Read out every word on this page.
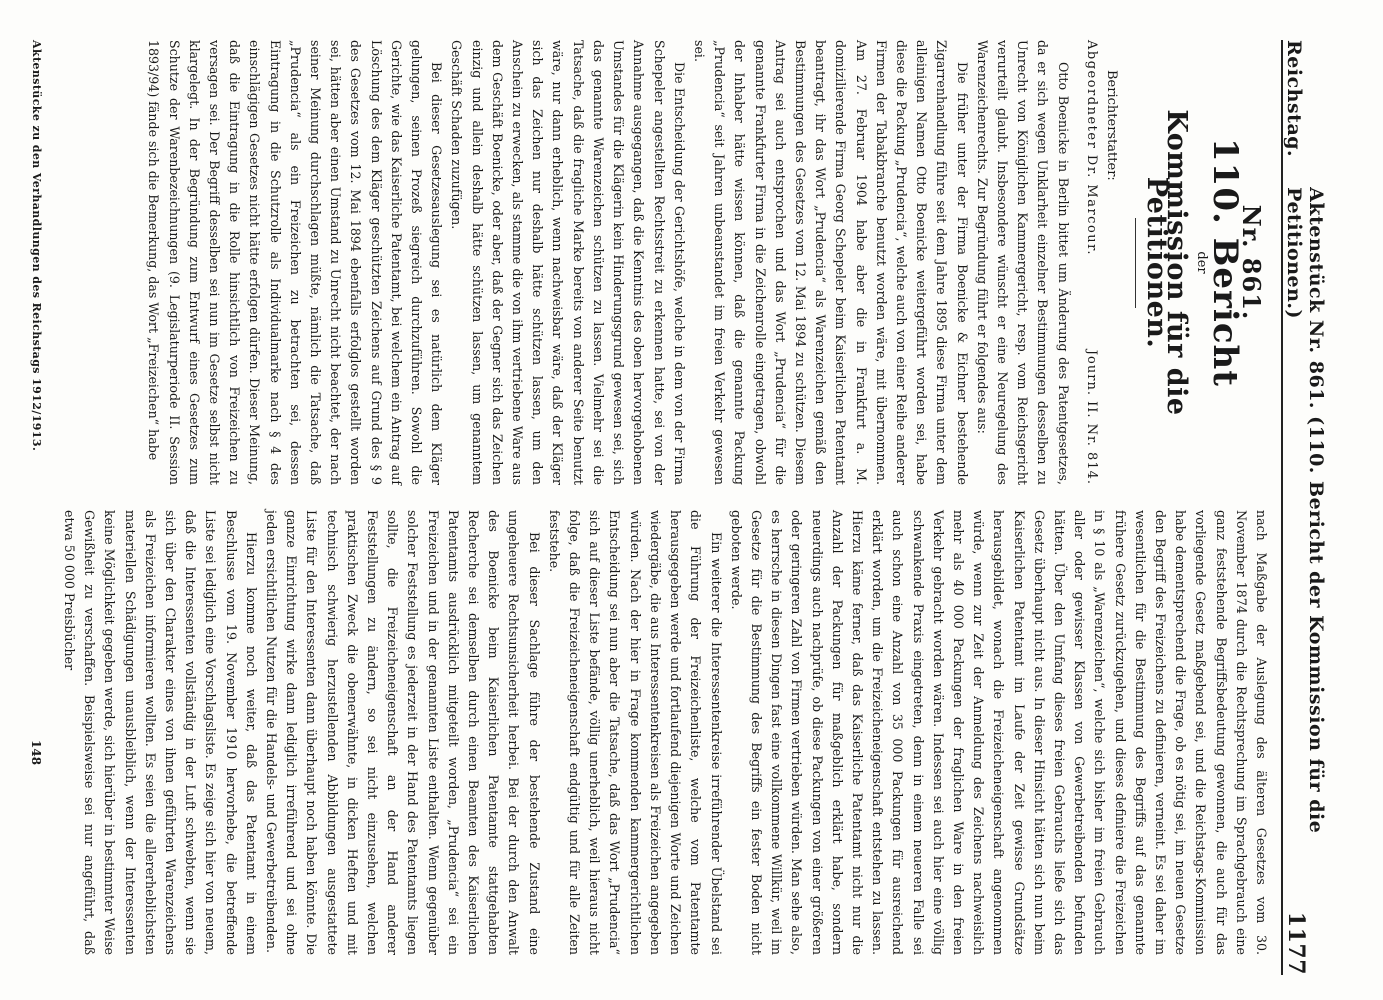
Reichstag.
Aktenstück Nr. 861. (110. Bericht der Kommission für die Petitionen.)
1177
Nr. 861.
110. Bericht
der
Kommission für die Petitionen.
Berichterstatter:
Abgeordneter Dr. Marcour.
Journ. II. Nr. 814.

Otto Boenicke in Berlin bittet um Änderung des Patentgesetzes, da er sich wegen Unklarheit einzelner Bestimmungen desselben zu Unrecht von Königlichen Kammergericht, resp. vom Reichsgericht verurteilt glaubt. Insbesondere wünscht er eine Neuregelung des Warenzeichenrechts. Zur Begründung führt er folgendes aus:

Die früher unter der Firma Boenicke & Eichner bestehende Zigarrenhandlung führe seit dem Jahre 1895 diese Firma unter dem alleinigen Namen Otto Boenicke weitergeführt worden sei, habe diese die Packung „Prudencia“, welche auch von einer Reihe anderer Firmen der Tabakbranche benutzt worden wäre, mit übernommen. Am 27. Februar 1904 habe aber die in Frankfurt a. M. domizilierende Firma Georg Schepeler beim Kaiserlichen Patentamt beantragt, ihr das Wort „Prudencia“ als Warenzeichen gemäß den Bestimmungen des Gesetzes vom 12. Mai 1894 zu schützen. Diesem Antrag sei auch entsprochen und das Wort „Prudencia“ für die genannte Frankfurter Firma in die Zeichenrolle eingetragen, obwohl der Inhaber hätte wissen können, daß die genannte Packung „Prudencia“ seit Jahren unbeanstandet im freien Verkehr gewesen sei.

Die Entscheidung der Gerichtshöfe, welche in dem von der Firma Schepeler angestellten Rechtsstreit zu erkennen hatte, sei von der Annahme ausgegangen, daß die Kenntnis des oben hervorgehobenen Umstandes für die Klägerin kein Hinderungsgrund gewesen sei, sich das genannte Warenzeichen schützen zu lassen. Vielmehr sei die Tatsache, daß die fragliche Marke bereits von anderer Seite benutzt wäre, nur dann erheblich, wenn nachweisbar wäre, daß der Kläger sich das Zeichen nur deshalb hätte schützen lassen, um den Anschein zu erwecken, als stamme die von ihm vertriebene Ware aus dem Geschäft Boenicke, oder aber, daß der Gegner sich das Zeichen einzig und allein deshalb hätte schützen lassen, um genanntem Geschäft Schaden zuzufügen.

Bei dieser Gesetzesauslegung sei es natürlich dem Kläger gelungen, seinen Prozeß siegreich durchzuführen. Sowohl die Gerichte, wie das Kaiserliche Patentamt, bei welchem ein Antrag auf Löschung des dem Kläger geschützten Zeichens auf Grund des § 9 des Gesetzes vom 12. Mai 1894 ebenfalls erfolglos gestellt worden sei, hätten aber einen Umstand zu Unrecht nicht beachtet, der nach seiner Meinung durchschlagen müßte, nämlich die Tatsache, daß „Prudencia“ als ein Freizeichen zu betrachten sei, dessen Eintragung in die Schutzrolle als Individualmarke nach § 4 des einschlägigen Gesetzes nicht hätte erfolgen dürfen. Dieser Meinung, daß die Eintragung in die Rolle hinsichtlich von Freizeichen zu versagen sei. Der Begriff desselben sei nun im Gesetze selbst nicht klargelegt. In der Begründung zum Entwurf eines Gesetzes zum Schutze der Warenbezeichnungen (9. Legislaturperiode II. Session 1893/94) fände sich die Bemerkung, das Wort „Freizeichen“ habe

nach Maßgabe der Auslegung des älteren Gesetzes vom 30. November 1874 durch die Rechtsprechung im Sprachgebrauch eine ganz feststehende Begriffsbedeutung gewonnen, die auch für das vorliegende Gesetz maßgebend sei, und die Reichstags-Kommission habe dementsprechend die Frage, ob es nötig sei, im neuen Gesetze den Begriff des Freizeichens zu definieren, verneint. Es sei daher im wesentlichen für die Bestimmung des Begriffs auf das genannte frühere Gesetz zurückzugehen, und dieses definiere die Freizeichen in § 10 als „Warenzeichen“, welche sich bisher im freien Gebrauch aller oder gewisser Klassen von Gewerbetreibenden befunden hätten. Über den Umfang dieses freien Gebrauchs ließe sich das Gesetz überhaupt nicht aus. In dieser Hinsicht hätten sich nun beim Kaiserlichen Patentamt im Laufe der Zeit gewisse Grundsätze herausgebildet, wonach die Freizeicheneigenschaft angenommen würde, wenn zur Zeit der Anmeldung des Zeichens nachweislich mehr als 40 000 Packungen der fraglichen Ware in den freien Verkehr gebracht worden wären. Indessen sei auch hier eine völlig schwankende Praxis eingetreten, denn in einem neueren Falle sei auch schon eine Anzahl von 35 000 Packungen für ausreichend erklärt worden, um die Freizeicheneigenschaft entstehen zu lassen. Hierzu käme ferner, daß das Kaiserliche Patentamt nicht nur die Anzahl der Packungen für maßgeblich erklärt habe, sondern neuerdings auch nachprüfe, ob diese Packungen von einer größeren oder geringeren Zahl von Firmen vertrieben würden. Man sehe also, es herrsche in diesen Dingen fast eine vollkommene Willkür, weil im Gesetze für die Bestimmung des Begriffs ein fester Boden nicht geboten werde.

Ein weiterer die Interessentenkreise irreführender Übelstand sei die Führung der Freizeichenliste, welche vom Patentamte herausgegeben werde und fortlaufend diejenigen Worte und Zeichen wiedergäbe, die aus Interessentenkreisen als Freizeichen angegeben würden. Nach der hier in Frage kommenden kammergerichtlichen Entscheidung sei nun aber die Tatsache, daß das Wort „Prudencia“ sich auf dieser Liste befände, völlig unerheblich, weil hieraus nicht folge, daß die Freizeicheneigenschaft endgültig und für alle Zeiten feststehe.

Bei dieser Sachlage führe der bestehende Zustand eine ungeheuere Rechtsunsicherheit herbei. Bei der durch den Anwalt des Boenicke beim Kaiserlichen Patentamte stattgehabten Recherche sei demselben durch einen Beamten des Kaiserlichen Patentamts ausdrücklich mitgeteilt worden, „Prudencia“ sei ein Freizeichen und in der genannten Liste enthalten. Wenn gegenüber solcher Feststellung es jederzeit in der Hand des Patentamts liegen sollte, die Freizeicheneigenschaft an der Hand anderer Feststellungen zu ändern, so sei nicht einzusehen, welchen praktischen Zweck die obenerwähnte, in dicken Heften und mit technisch schwierig herzustellenden Abbildungen ausgestattete Liste für den Interessenten dann überhaupt noch haben könnte. Die ganze Einrichtung wirke dann lediglich irreführend und sei ohne jeden ersichtlichen Nutzen für die Handels- und Gewerbetreibenden.

Hierzu komme noch weiter, daß das Patentamt in einem Beschlusse vom 19. November 1910 hervorhebe, die betreffende Liste sei lediglich eine Vorschlagsliste. Es zeige sich hier von neuem, daß die Interessenten vollständig in der Luft schwebten, wenn sie sich über den Charakter eines von ihnen geführten Warenzeichens als Freizeichen informieren wollten. Es seien die allererheblichsten materiellen Schädigungen unausbleiblich, wenn der Interessenten keine Möglichkeit gegeben werde, sich hierüber in bestimmter Weise Gewißheit zu verschaffen. Beispielsweise sei nur angeführt, daß etwa 50 000 Preisbücher

Aktenstücke zu den Verhandlungen des Reichstags 1912/1913.
148
